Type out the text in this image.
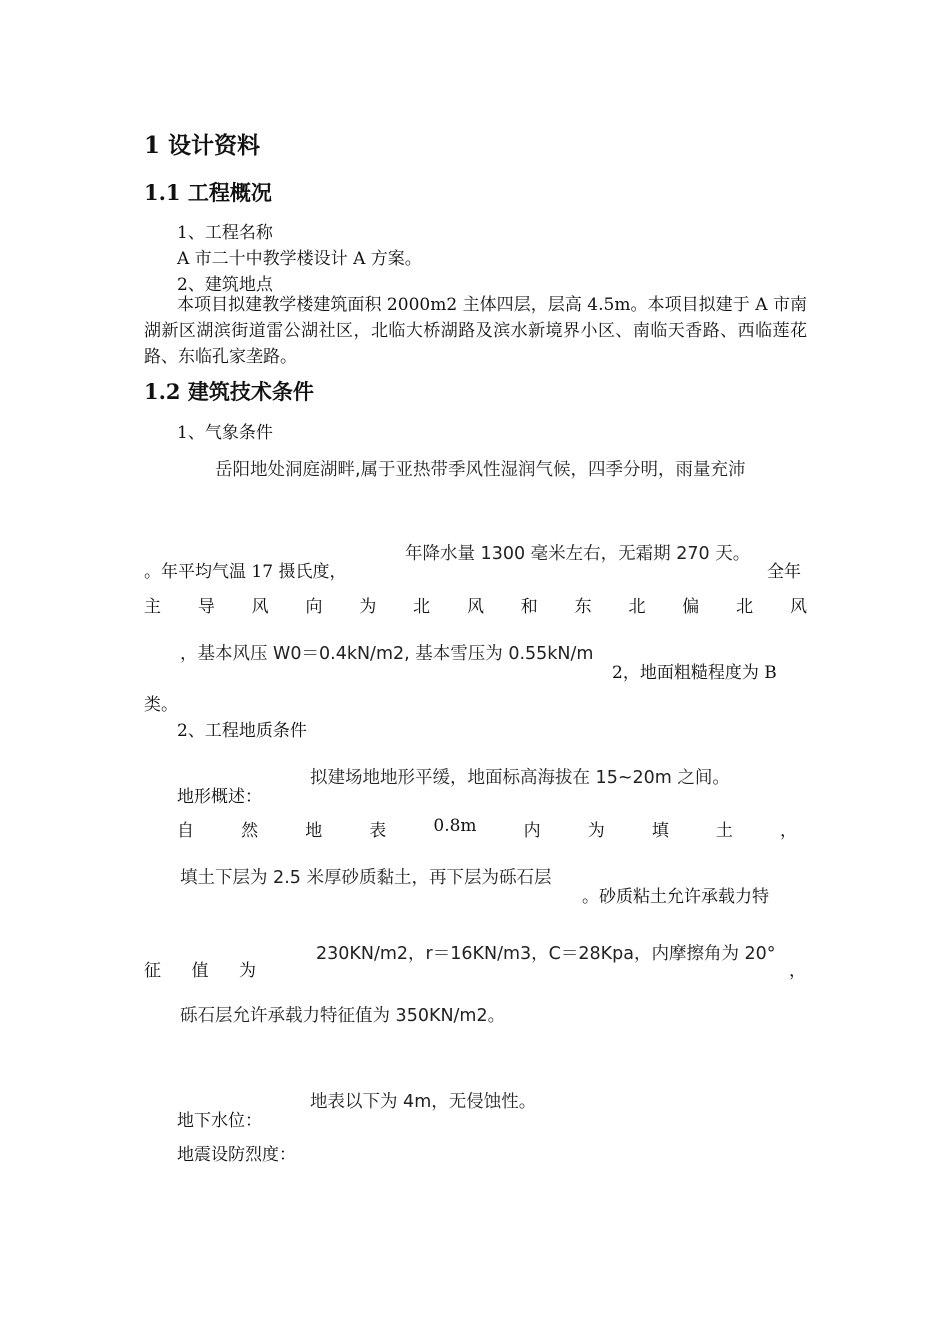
1 设计资料
1.1 工程概况
1、工程名称
A 市二十中教学楼设计 A 方案。
2、建筑地点
本项目拟建教学楼建筑面积 2000m2 主体四层，层高 4.5m。本项目拟建于 A 市南湖新区湖滨街道雷公湖社区，北临大桥湖路及滨水新境界小区、南临天香路、西临莲花路、东临孔家垄路。
1.2 建筑技术条件
1、气象条件
岳阳地处洞庭湖畔,属于亚热带季风性湿润气候，四季分明，雨量充沛
年降水量 1300 毫米左右，无霜期 270 天。
。年平均气温 17 摄氏度，	全年
主 导 风 向 为 北 风 和 东 北 偏 北 风
，基本风压 W0＝0.4kN/m2, 基本雪压为 0.55kN/m
2，地面粗糙程度为 B
类。
2、工程地质条件
拟建场地地形平缓，地面标高海拔在 15~20m 之间。
地形概述：
自	然	地	表	0.8m	内	为	填	土	，
填土下层为 2.5 米厚砂质黏土，再下层为砾石层
。砂质粘土允许承载力特
征 值 为
230KN/m2，r＝16KN/m3，C＝28Kpa，内摩擦角为 20°
，
砾石层允许承载力特征值为 350KN/m2。
地表以下为 4m，无侵蚀性。
地下水位：
地震设防烈度：
